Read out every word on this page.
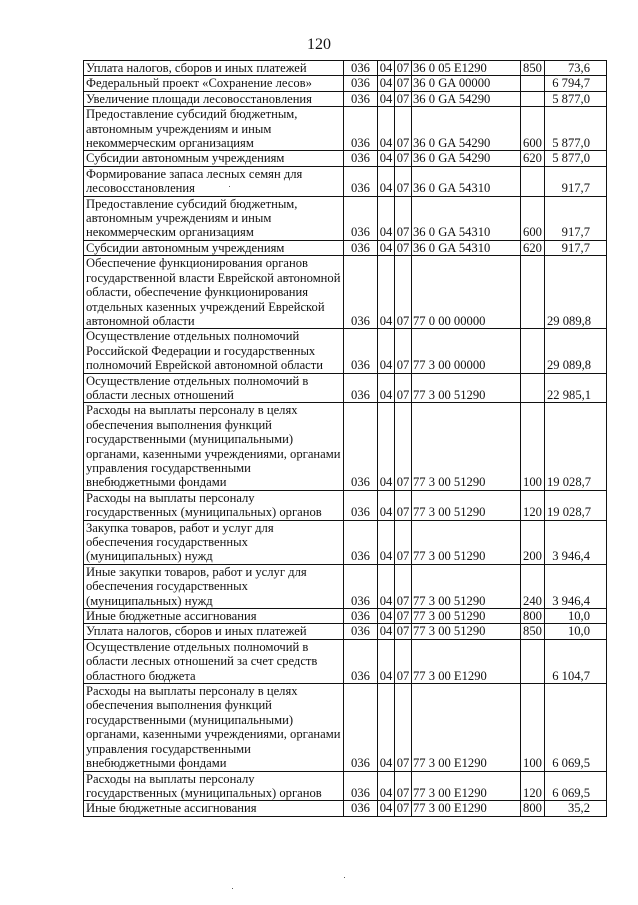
120
Уплата налогов, сборов и иных платежей	036	04	07	36 0 05 E1290	850	73,6
Федеральный проект «Сохранение лесов»	036	04	07	36 0 GA 00000		6 794,7
Увеличение площади лесовосстановления	036	04	07	36 0 GA 54290		5 877,0
Предоставление субсидий бюджетным, автономным учреждениям и иным некоммерческим организациям	036	04	07	36 0 GA 54290	600	5 877,0
Субсидии автономным учреждениям	036	04	07	36 0 GA 54290	620	5 877,0
Формирование запаса лесных семян для лесовосстановления	036	04	07	36 0 GA 54310		917,7
Предоставление субсидий бюджетным, автономным учреждениям и иным некоммерческим организациям	036	04	07	36 0 GA 54310	600	917,7
Субсидии автономным учреждениям	036	04	07	36 0 GA 54310	620	917,7
Обеспечение функционирования органов государственной власти Еврейской автономной области, обеспечение функционирования отдельных казенных учреждений Еврейской автономной области	036	04	07	77 0 00 00000		29 089,8
Осуществление отдельных полномочий Российской Федерации и государственных полномочий Еврейской автономной области	036	04	07	77 3 00 00000		29 089,8
Осуществление отдельных полномочий в области лесных отношений	036	04	07	77 3 00 51290		22 985,1
Расходы на выплаты персоналу в целях обеспечения выполнения функций государственными (муниципальными) органами, казенными учреждениями, органами управления государственными внебюджетными фондами	036	04	07	77 3 00 51290	100	19 028,7
Расходы на выплаты персоналу государственных (муниципальных) органов	036	04	07	77 3 00 51290	120	19 028,7
Закупка товаров, работ и услуг для обеспечения государственных (муниципальных) нужд	036	04	07	77 3 00 51290	200	3 946,4
Иные закупки товаров, работ и услуг для обеспечения государственных (муниципальных) нужд	036	04	07	77 3 00 51290	240	3 946,4
Иные бюджетные ассигнования	036	04	07	77 3 00 51290	800	10,0
Уплата налогов, сборов и иных платежей	036	04	07	77 3 00 51290	850	10,0
Осуществление отдельных полномочий в области лесных отношений за счет средств областного бюджета	036	04	07	77 3 00 E1290		6 104,7
Расходы на выплаты персоналу в целях обеспечения выполнения функций государственными (муниципальными) органами, казенными учреждениями, органами управления государственными внебюджетными фондами	036	04	07	77 3 00 E1290	100	6 069,5
Расходы на выплаты персоналу государственных (муниципальных) органов	036	04	07	77 3 00 E1290	120	6 069,5
Иные бюджетные ассигнования	036	04	07	77 3 00 E1290	800	35,2
